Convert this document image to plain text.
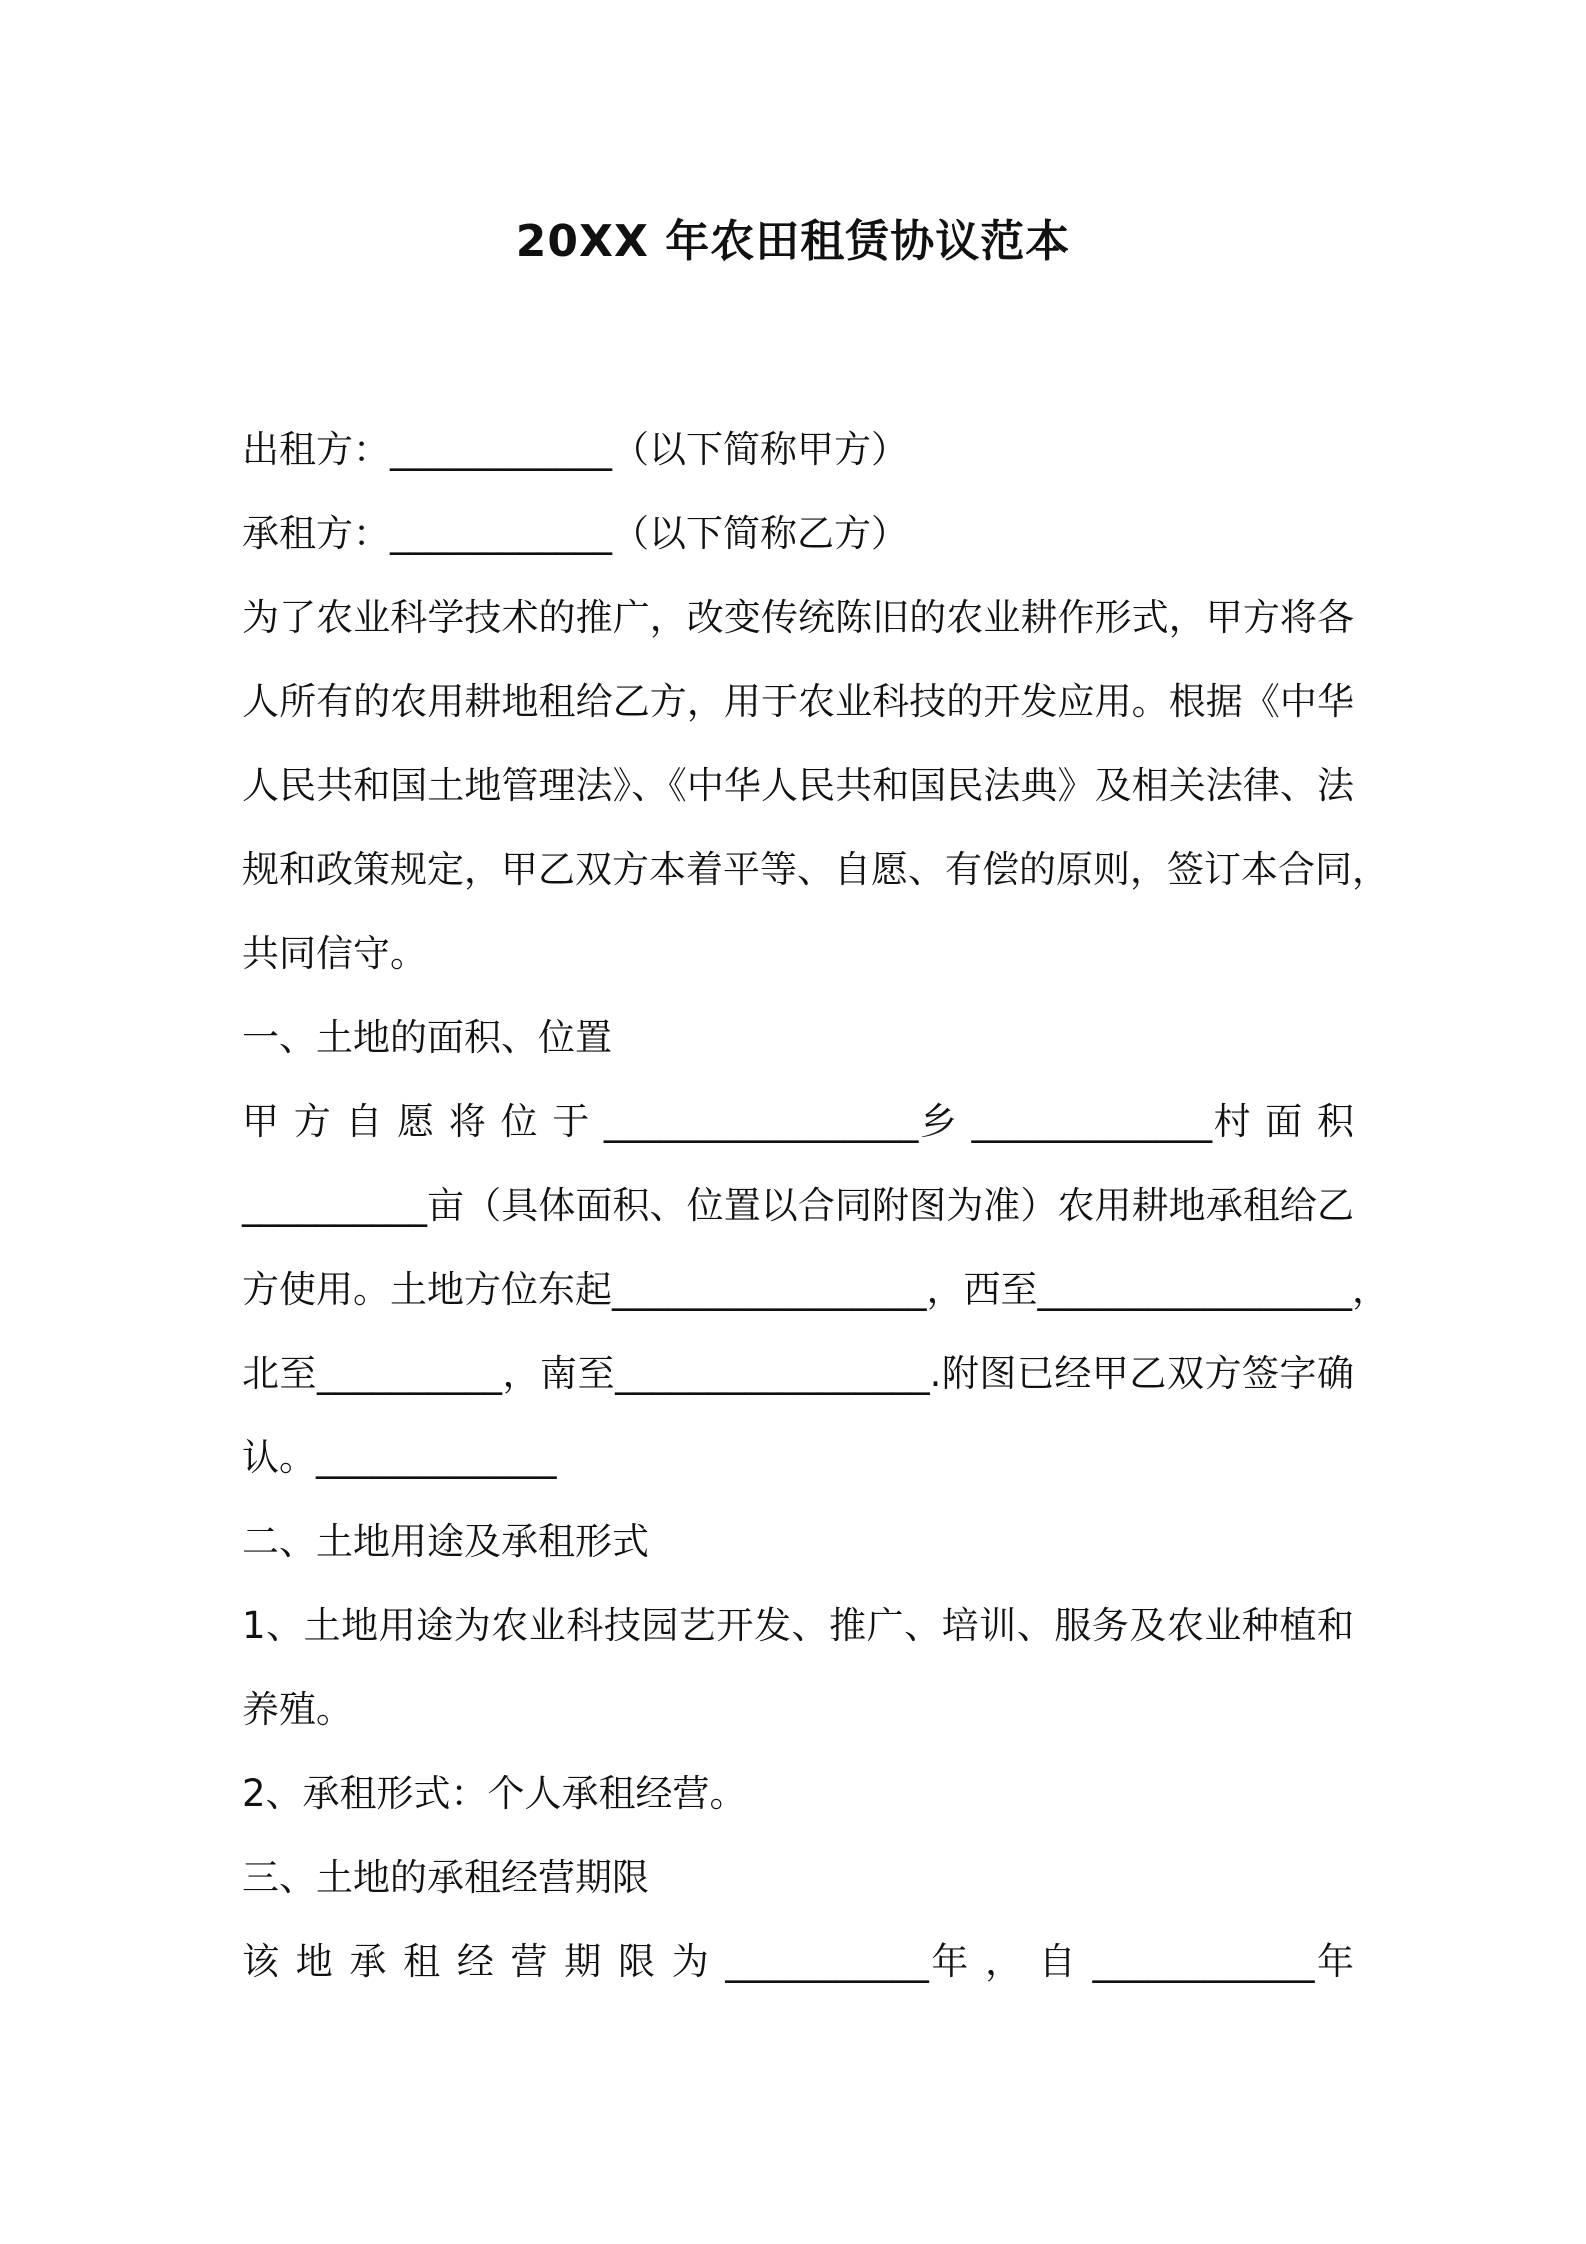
20XX 年农田租赁协议范本
出租方：____________（以下简称甲方）
承租方：____________（以下简称乙方）
为了农业科学技术的推广，改变传统陈旧的农业耕作形式，甲方将各
人所有的农用耕地租给乙方，用于农业科技的开发应用。根据《中华
人民共和国土地管理法》、《中华人民共和国民法典》及相关法律、法
规和政策规定，甲乙双方本着平等、自愿、有偿的原则，签订本合同，
共同信守。
一、土地的面积、位置
甲 方 自 愿 将 位 于 _________________乡 _____________村 面 积
__________亩（具体面积、位置以合同附图为准）农用耕地承租给乙
方使用。土地方位东起_________________，西至_________________，
北至__________，南至_________________.附图已经甲乙双方签字确
认。_____________
二、土地用途及承租形式
1、土地用途为农业科技园艺开发、推广、培训、服务及农业种植和
养殖。
2、承租形式：个人承租经营。
三、土地的承租经营期限
该 地 承 租 经 营 期 限 为 ___________年 ， 自 ____________年
